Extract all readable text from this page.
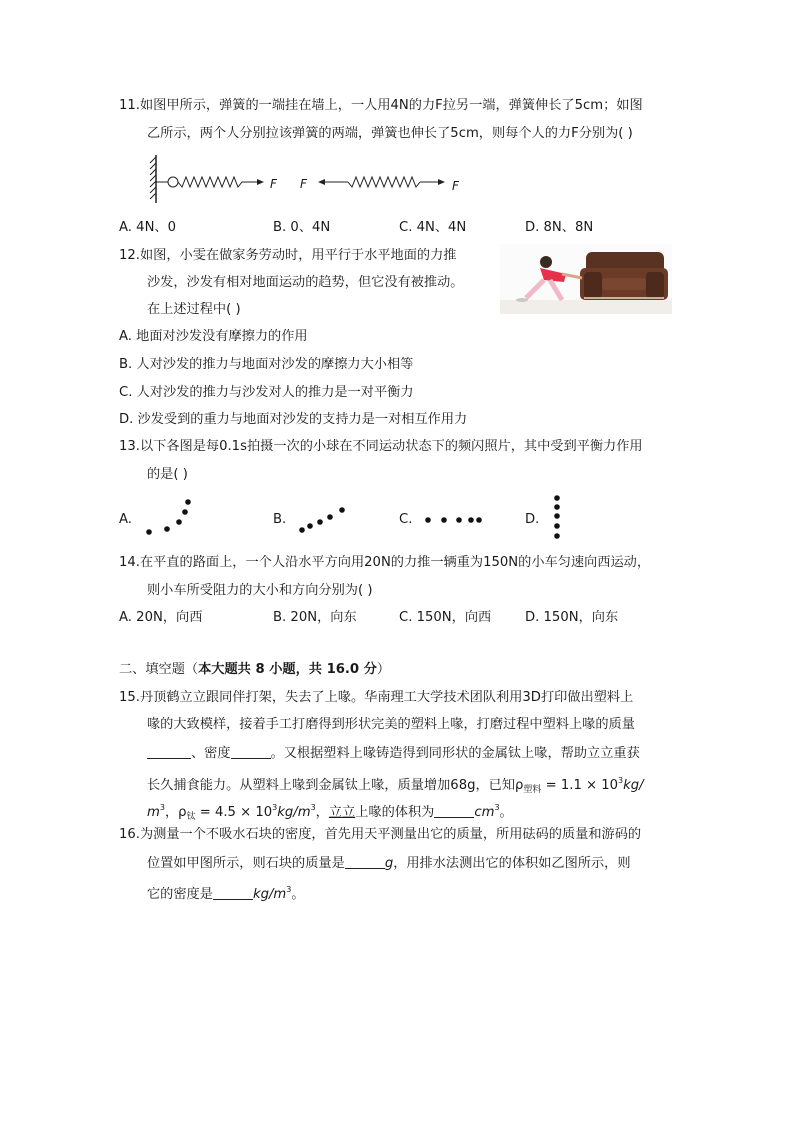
11.如图甲所示，弹簧的一端挂在墙上，一人用4N的力F拉另一端，弹簧伸长了5cm；如图
乙所示，两个人分别拉该弹簧的两端，弹簧也伸长了5cm，则每个人的力F分别为( )
F F	F
A. 4N、0	B. 0、4N	C. 4N、4N	D. 8N、8N
12.如图，小雯在做家务劳动时，用平行于水平地面的力推
沙发，沙发有相对地面运动的趋势，但它没有被推动。
在上述过程中( )
A. 地面对沙发没有摩擦力的作用
B. 人对沙发的推力与地面对沙发的摩擦力大小相等
C. 人对沙发的推力与沙发对人的推力是一对平衡力
D. 沙发受到的重力与地面对沙发的支持力是一对相互作用力
13.以下各图是每0.1s拍摄一次的小球在不同运动状态下的频闪照片，其中受到平衡力作用
的是( )
A.	B.	C.	D.
14.在平直的路面上，一个人沿水平方向用20N的力推一辆重为150N的小车匀速向西运动，
则小车所受阻力的大小和方向分别为( )
A. 20N，向西	B. 20N，向东	C. 150N，向西	D. 150N，向东
二、填空题（本大题共 8 小题，共 16.0 分）
15.丹顶鹤立立跟同伴打架，失去了上喙。华南理工大学技术团队利用3D打印做出塑料上
喙的大致模样，接着手工打磨得到形状完美的塑料上喙，打磨过程中塑料上喙的质量
、密度	。又根据塑料上喙铸造得到同形状的金属钛上喙，帮助立立重获
长久捕食能力。从塑料上喙到金属钛上喙，质量增加68g，已知$\rho_{塑料} = 1.1 \times 10^3kg/$
$m^3$，$\rho_钛 = 4.5 \times 10^3kg/m^3$，立立上喙的体积为	$cm^3$。
16.为测量一个不吸水石块的密度，首先用天平测量出它的质量，所用砝码的质量和游码的
位置如甲图所示，则石块的质量是	g，用排水法测出它的体积如乙图所示，则
它的密度是	$kg/m^3$。
